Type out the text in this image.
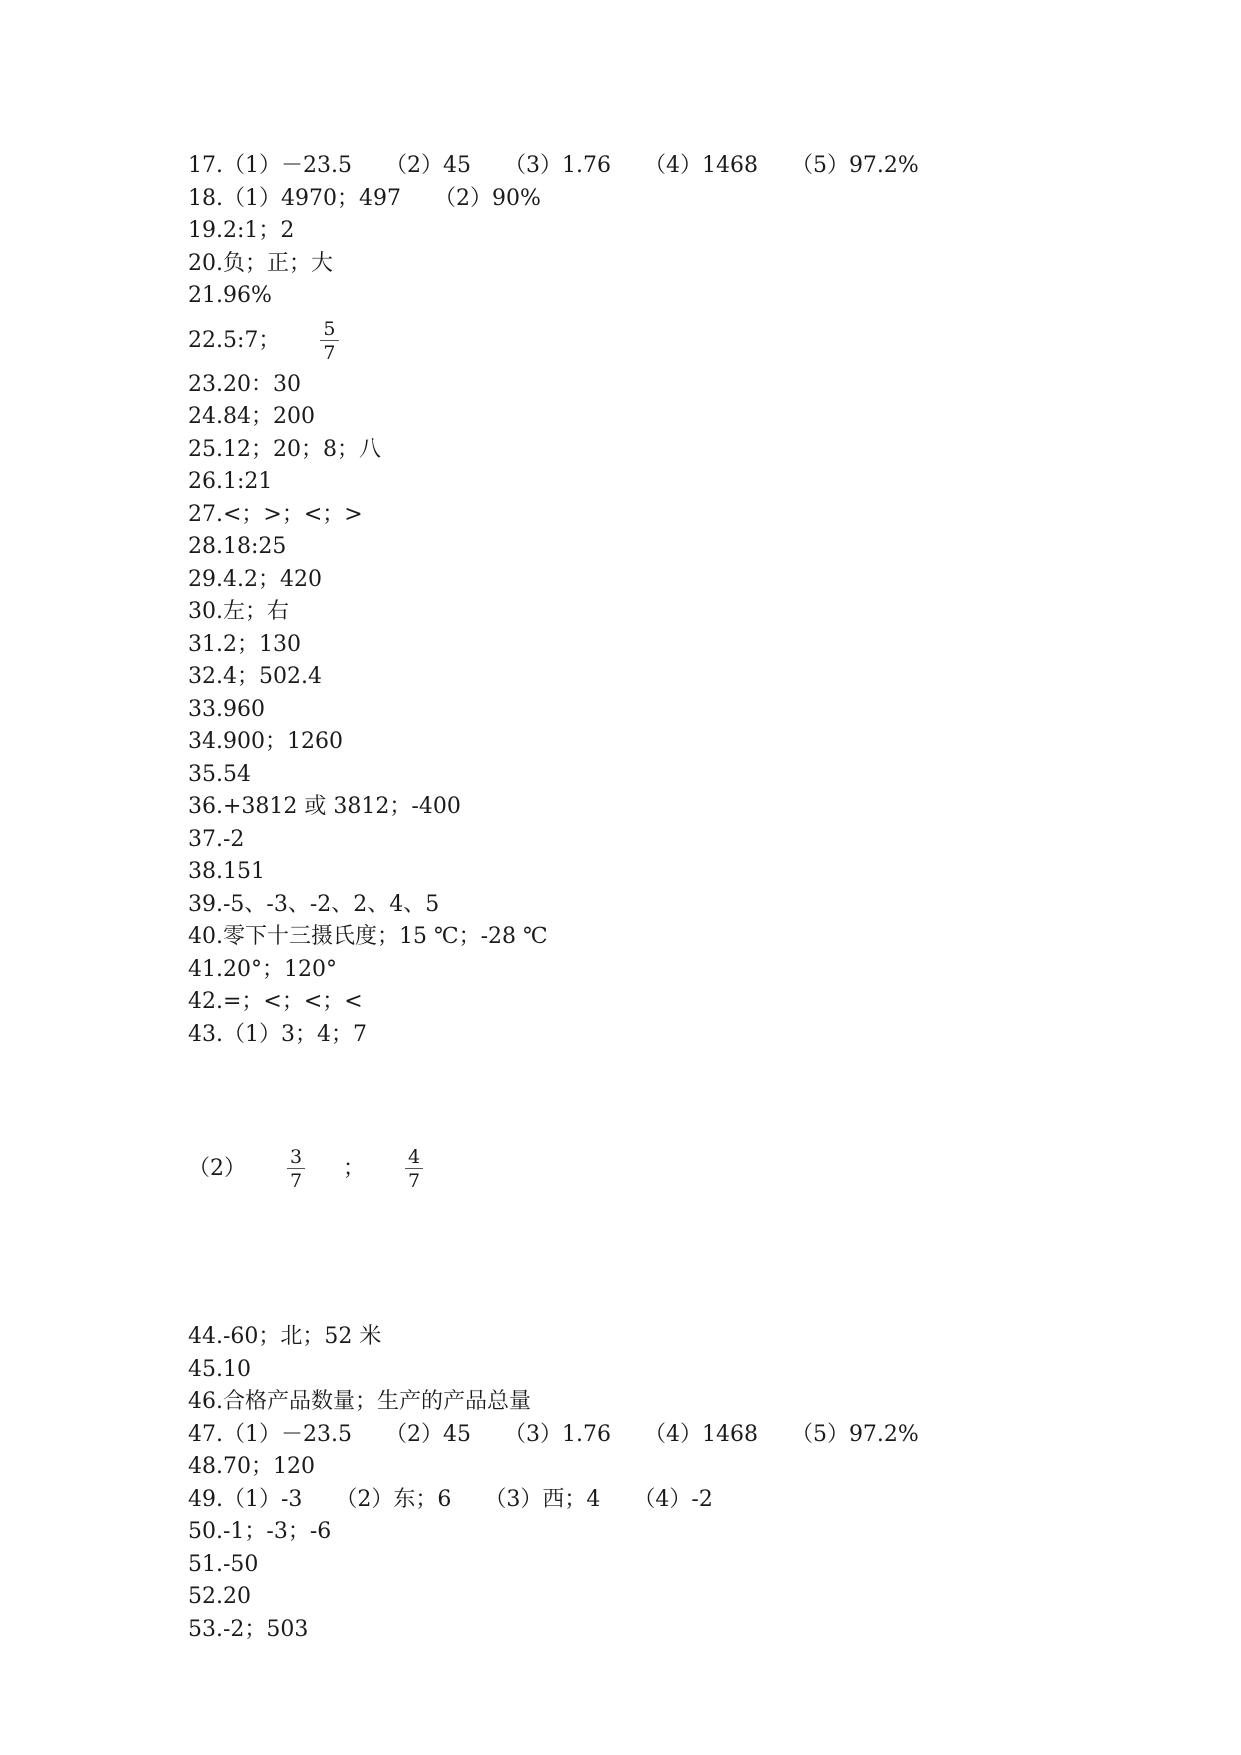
17.（1）－23.5　　（2）45　　（3）1.76　　（4）1468　　（5）97.2%
18.（1）4970；497　　（2）90%
19.2:1；2
20.负；正；大
21.96%
22.5:7； $\frac{5}{7}$
23.20：30
24.84；200
25.12；20；8；八
26.1:21
27.<；>；<；>
28.18:25
29.4.2；420
30.左；右
31.2；130
32.4；502.4
33.960
34.900；1260
35.54
36.+3812 或 3812；-400
37.-2
38.151
39.-5、-3、-2、2、4、5
40.零下十三摄氏度；15 ℃；-28 ℃
41.20°；120°
42.=；<；<；<
43.（1）3；4；7
$(2) \frac{3}{7}$ ； $\frac{4}{7}$
44.-60；北；52 米
45.10
46.合格产品数量；生产的产品总量
47.（1）－23.5　　（2）45　　（3）1.76　　（4）1468　　（5）97.2%
48.70；120
49.（1）-3　　（2）东；6　　（3）西；4　　（4）-2
50.-1；-3；-6
51.-50
52.20
53.-2；503
